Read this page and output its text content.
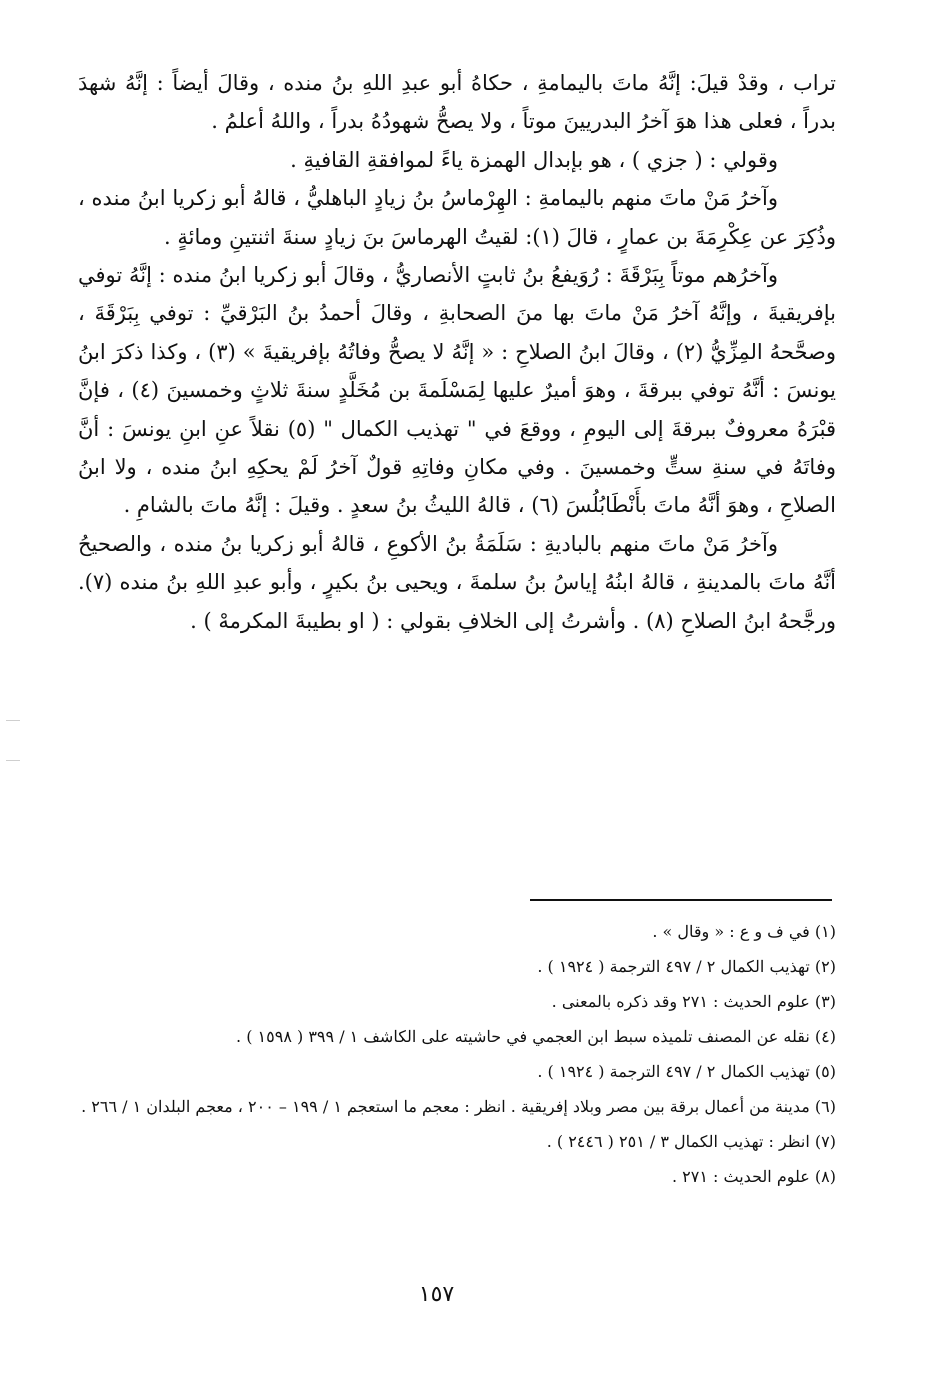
تراب ، وقدْ قيلَ: إنَّهُ ماتَ باليمامةِ ، حكاهُ أبو عبدِ اللهِ بنُ منده ، وقالَ أيضاً : إنَّهُ شهدَ بدراً ، فعلى هذا هوَ آخرُ البدريينَ موتاً ، ولا يصحُّ شهودُهُ بدراً ، واللهُ أعلمُ .

وقولي : ( جزي ) ، هو بإبدال الهمزة ياءً لموافقةِ القافيةِ .

وآخرُ مَنْ ماتَ منهم باليمامةِ : الهِرْماسُ بنُ زيادٍ الباهليُّ ، قالهُ أبو زكريا ابنُ منده ، وذُكِرَ عن عِكْرِمَةَ بن عمارٍ ، قالَ (١): لقيتُ الهرماسَ بنَ زيادٍ سنةَ اثنتينِ ومائةٍ .

وآخرُهم موتاً بِبَرْقَةَ : رُوَيفعُ بنُ ثابتٍ الأنصاريُّ ، وقالَ أبو زكريا ابنُ منده : إنَّهُ توفي بإفريقيةَ ، وإنَّهُ آخرُ مَنْ ماتَ بها منَ الصحابةِ ، وقالَ أحمدُ بنُ البَرْقيِّ : توفي بِبَرْقَةَ ، وصحَّحهُ المِزِّيُّ (٢) ، وقالَ ابنُ الصلاحِ : « إنَّهُ لا يصحُّ وفاتُهُ بإفريقيةَ » (٣) ، وكذا ذكرَ ابنُ يونسَ : أنَّهُ توفي ببرقةَ ، وهوَ أميرٌ عليها لِمَسْلَمةَ بن مُخَلَّدٍ سنةَ ثلاثٍ وخمسينَ (٤) ، فإنَّ قبْرَهُ معروفٌ ببرقةَ إلى اليومِ ، ووقعَ في " تهذيب الكمال " (٥) نقلاً عنِ ابنِ يونسَ : أنَّ وفاتَهُ في سنةِ ستٍّ وخمسينَ . وفي مكانِ وفاتِهِ قولٌ آخرُ لَمْ يحكِهِ ابنُ منده ، ولا ابنُ الصلاحِ ، وهوَ أنَّهُ ماتَ بأَنْطَابُلُسَ (٦) ، قالهُ الليثُ بنُ سعدٍ . وقيلَ : إنَّهُ ماتَ بالشامِ .

وآخرُ مَنْ ماتَ منهم بالباديةِ : سَلَمَةُ بنُ الأكوعِ ، قالهُ أبو زكريا بنُ منده ، والصحيحُ أنَّهُ ماتَ بالمدينةِ ، قالهُ ابنُهُ إياسُ بنُ سلمةَ ، ويحيى بنُ بكيرٍ ، وأبو عبدِ اللهِ بنُ منده (٧). ورجَّحهُ ابنُ الصلاحِ (٨) . وأشرتُ إلى الخلافِ بقولي : ( او بطيبةَ المكرمهْ ) .

(١) في ف و ع : « وقال » .

(٢) تهذيب الكمال ٢ / ٤٩٧ الترجمة ( ١٩٢٤ ) .

(٣) علوم الحديث : ٢٧١ وقد ذكره بالمعنى .

(٤) نقله عن المصنف تلميذه سبط ابن العجمي في حاشيته على الكاشف ١ / ٣٩٩ ( ١٥٩٨ ) .

(٥) تهذيب الكمال ٢ / ٤٩٧ الترجمة ( ١٩٢٤ ) .

(٦) مدينة من أعمال برقة بين مصر وبلاد إفريقية . انظر : معجم ما استعجم ١ / ١٩٩ – ٢٠٠ ، معجم البلدان ١ / ٢٦٦ .

(٧) انظر : تهذيب الكمال ٣ / ٢٥١ ( ٢٤٤٦ ) .

(٨) علوم الحديث : ٢٧١ .

١٥٧
